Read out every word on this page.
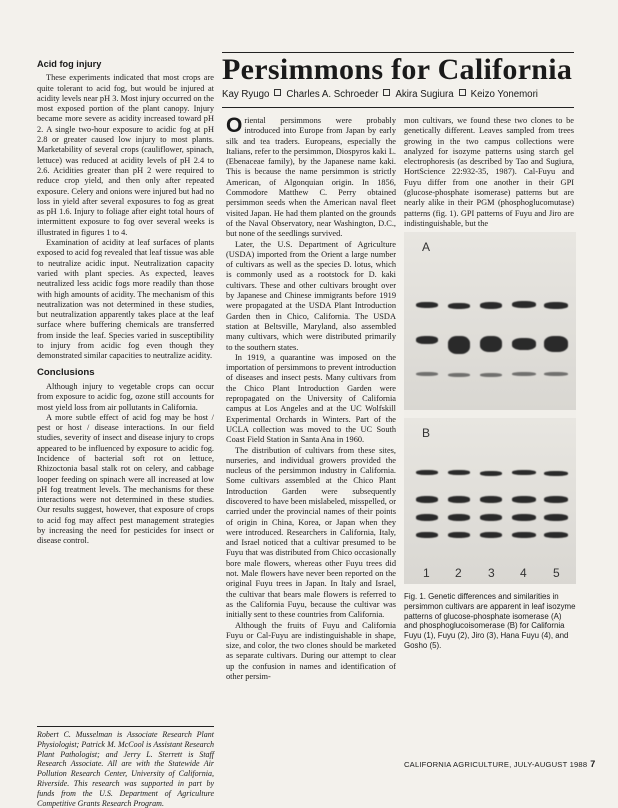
Acid fog injury

These experiments indicated that most crops are quite tolerant to acid fog, but would be injured at acidity levels near pH 3. Most injury occurred on the most exposed portion of the plant canopy. Injury became more severe as acidity increased toward pH 2. A single two-hour exposure to acidic fog at pH 2.8 or greater caused low injury to most plants. Marketability of several crops (cauliflower, spinach, lettuce) was reduced at acidity levels of pH 2.4 to 2.6. Acidities greater than pH 2 were required to reduce crop yield, and then only after repeated exposure. Celery and onions were injured but had no loss in yield after several exposures to fog as great as pH 1.6. Injury to foliage after eight total hours of intermittent exposure to fog over several weeks is illustrated in figures 1 to 4.

Examination of acidity at leaf surfaces of plants exposed to acid fog revealed that leaf tissue was able to neutralize acidic input. Neutralization capacity varied with plant species. As expected, leaves neutralized less acidic fogs more readily than those with high amounts of acidity. The mechanism of this neutralization was not determined in these studies, but neutralization apparently takes place at the leaf surface where buffering chemicals are transferred from inside the leaf. Species varied in susceptibility to injury from acidic fog even though they demonstrated similar capacities to neutralize acidity.

Conclusions

Although injury to vegetable crops can occur from exposure to acidic fog, ozone still accounts for most yield loss from air pollutants in California.

A more subtle effect of acid fog may be host / pest or host / disease interactions. In our field studies, severity of insect and disease injury to crops appeared to be influenced by exposure to acidic fog. Incidence of bacterial soft rot on lettuce, Rhizoctonia basal stalk rot on celery, and cabbage looper feeding on spinach were all increased at low pH fog treatment levels. The mechanisms for these interactions were not determined in these studies. Our results suggest, however, that exposure of crops to acid fog may affect pest management strategies by increasing the need for pesticides for insect or disease control.

Robert C. Musselman is Associate Research Plant Physiologist; Patrick M. McCool is Assistant Research Plant Pathologist; and Jerry L. Sterrett is Staff Research Associate. All are with the Statewide Air Pollution Research Center, University of California, Riverside. This research was supported in part by funds from the U.S. Department of Agriculture Competitive Grants Research Program.
Persimmons for California
Kay Ryugo Charles A. Schroeder Akira Sugiura Keizo Yonemori

Oriental persimmons were probably introduced into Europe from Japan by early silk and tea traders. Europeans, especially the Italians, refer to the persimmon, Diospyros kaki L. (Ebenaceae family), by the Japanese name kaki. This is because the name persimmon is strictly American, of Algonquian origin. In 1856, Commodore Matthew C. Perry obtained persimmon seeds when the American naval fleet visited Japan. He had them planted on the grounds of the Naval Observatory, near Washington, D.C., but none of the seedlings survived.

Later, the U.S. Department of Agriculture (USDA) imported from the Orient a large number of cultivars as well as the species D. lotus, which is commonly used as a rootstock for D. kaki cultivars. These and other cultivars brought over by Japanese and Chinese immigrants before 1919 were propagated at the USDA Plant Introduction Garden then in Chico, California. The USDA station at Beltsville, Maryland, also assembled many cultivars, which were distributed primarily to the southern states.

In 1919, a quarantine was imposed on the importation of persimmons to prevent introduction of diseases and insect pests. Many cultivars from the Chico Plant Introduction Garden were repropagated on the University of California campus at Los Angeles and at the UC Wolfskill Experimental Orchards in Winters. Part of the UCLA collection was moved to the UC South Coast Field Station in Santa Ana in 1960.

The distribution of cultivars from these sites, nurseries, and individual growers provided the nucleus of the persimmon industry in California. Some cultivars assembled at the Chico Plant Introduction Garden were subsequently discovered to have been mislabeled, misspelled, or carried under the provincial names of their points of origin in China, Korea, or Japan when they were introduced. Researchers in California, Italy, and Israel noticed that a cultivar presumed to be Fuyu that was distributed from Chico occasionally bore male flowers, whereas other Fuyu trees did not. Male flowers have never been reported on the original Fuyu trees in Japan. In Italy and Israel, the cultivar that bears male flowers is referred to as the California Fuyu, because the cultivar was initially sent to these countries from California.

Although the fruits of Fuyu and California Fuyu or Cal-Fuyu are indistinguishable in shape, size, and color, the two clones should be marketed as separate cultivars. During our attempt to clear up the confusion in names and identification of other persim-

mon cultivars, we found these two clones to be genetically different. Leaves sampled from trees growing in the two campus collections were analyzed for isozyme patterns using starch gel electrophoresis (as described by Tao and Sugiura, HortScience 22:932-35, 1987). Cal-Fuyu and Fuyu differ from one another in their GPI (glucose-phosphate isomerase) patterns but are nearly alike in their PGM (phosphoglucomutase) patterns (fig. 1). GPI patterns of Fuyu and Jiro are indistinguishable, but the

A
B
1 2 3 4 5
Fig. 1. Genetic differences and similarities in persimmon cultivars are apparent in leaf isozyme patterns of glucose-phosphate isomerase (A) and phosphoglucoisomerase (B) for California Fuyu (1), Fuyu (2), Jiro (3), Hana Fuyu (4), and Gosho (5).
CALIFORNIA AGRICULTURE, JULY-AUGUST 1988 7
